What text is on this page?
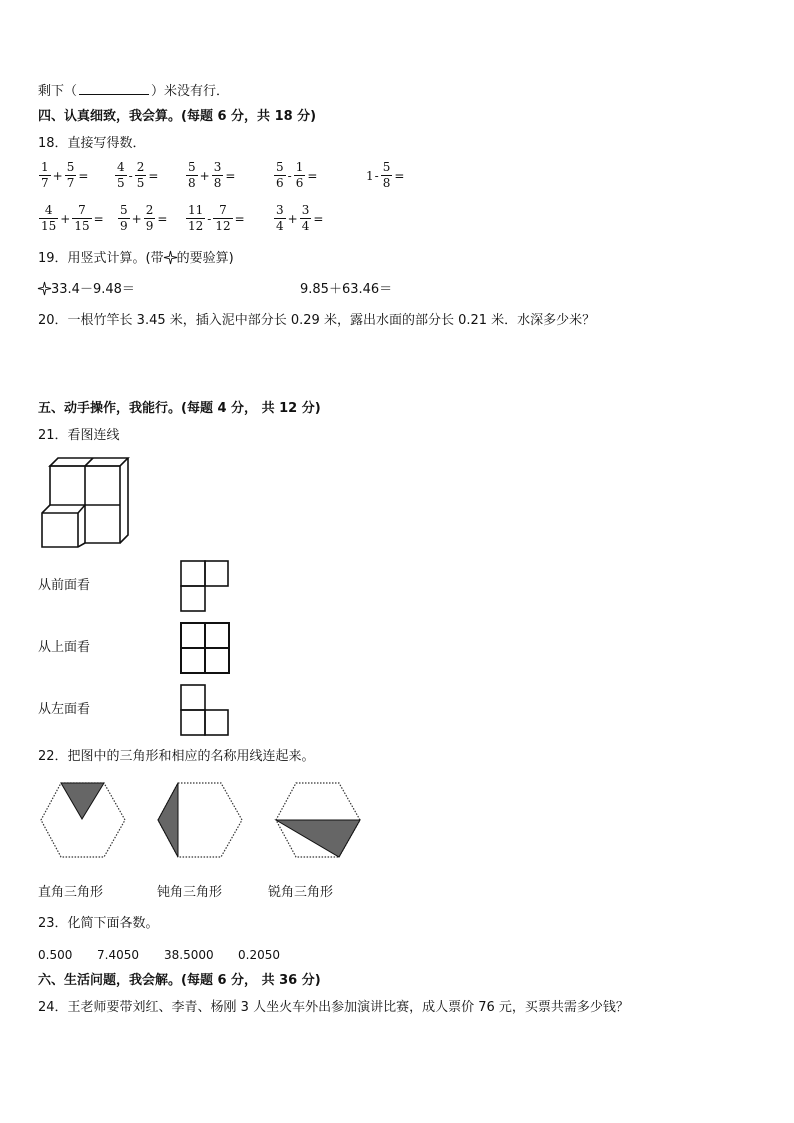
剩下（	）米没有行．
四、认真细致，我会算。(每题 6 分，共 18 分)
18．直接写得数．
$\frac{1}{7} + \frac{5}{7} = \frac{4}{5} - \frac{2}{5} = \frac{5}{8} + \frac{3}{8}$ =	$\frac{5}{6} - \frac{1}{6}$ =	$1 - \frac{5}{8}$ =
$\frac{4}{15} + \frac{7}{15} = \frac{5}{9} + \frac{2}{9} = \frac{11}{12} - \frac{7}{12} = \frac{3}{4} + \frac{3}{4}$ =
19．用竖式计算。(带 的要验算)
33.4－9.48＝	9.85＋63.46＝
20．一根竹竿长 3.45 米，插入泥中部分长 0.29 米，露出水面的部分长 0.21 米．水深多少米？
五、动手操作，我能行。(每题 4 分， 共 12 分)
21．看图连线
从前面看
从上面看
从左面看
22．把图中的三角形和相应的名称用线连起来。
直角三角形	钝角三角形	锐角三角形
23．化简下面各数。
0.500 7.4050 38.5000 0.2050
六、生活问题，我会解。(每题 6 分， 共 36 分)
24．王老师要带刘红、李青、杨刚 3 人坐火车外出参加演讲比赛，成人票价 76 元，买票共需多少钱？
